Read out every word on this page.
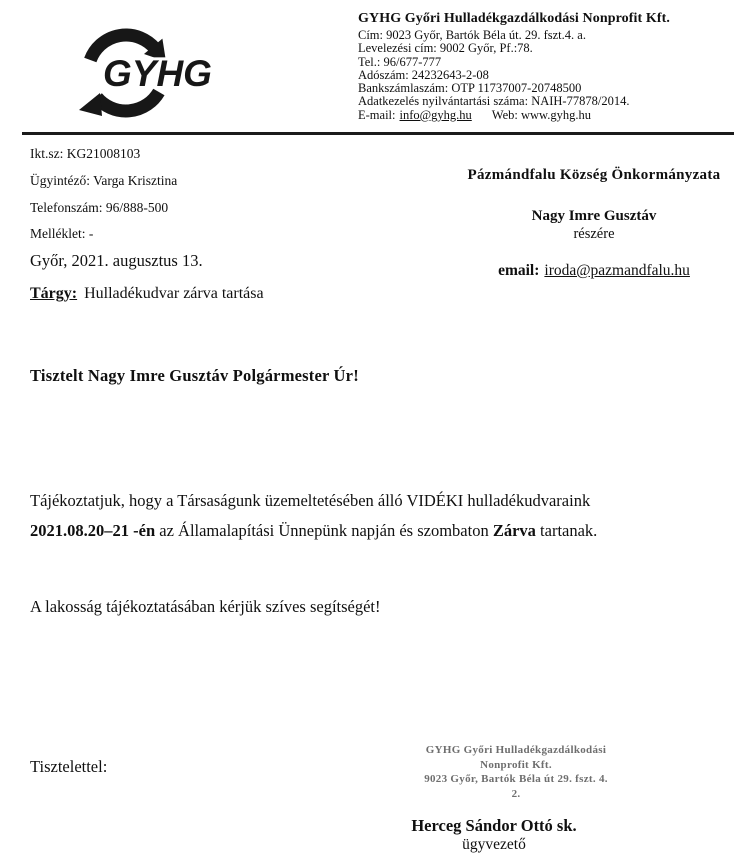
GYHG
GYHG Győri Hulladékgazdálkodási Nonprofit Kft.
Cím: 9023 Győr, Bartók Béla út. 29. fszt.4. a.
Levelezési cím: 9002 Győr, Pf.:78.
Tel.: 96/677-777
Adószám: 24232643-2-08
Bankszámlaszám: OTP 11737007-20748500
Adatkezelés nyilvántartási száma: NAIH-77878/2014.
E-mail: info@gyhg.hu Web: www.gyhg.hu
Ikt.sz: KG21008103
Ügyintéző: Varga Krisztina
Telefonszám: 96/888-500
Melléklet: -
Győr, 2021. augusztus 13.
Tárgy: Hulladékudvar zárva tartása
Pázmándfalu Község Önkormányzata
Nagy Imre Gusztáv
részére
email: iroda@pazmandfalu.hu
Tisztelt Nagy Imre Gusztáv Polgármester Úr!
Tájékoztatjuk, hogy a Társaságunk üzemeltetésében álló VIDÉKI hulladékudvaraink
2021.08.20–21 -én az Államalapítási Ünnepünk napján és szombaton Zárva tartanak.
A lakosság tájékoztatásában kérjük szíves segítségét!
Tisztelettel:
GYHG Győri Hulladékgazdálkodási
Nonprofit Kft.
9023 Győr, Bartók Béla út 29. fszt. 4.
2.
Herceg Sándor Ottó sk.
ügyvezető
